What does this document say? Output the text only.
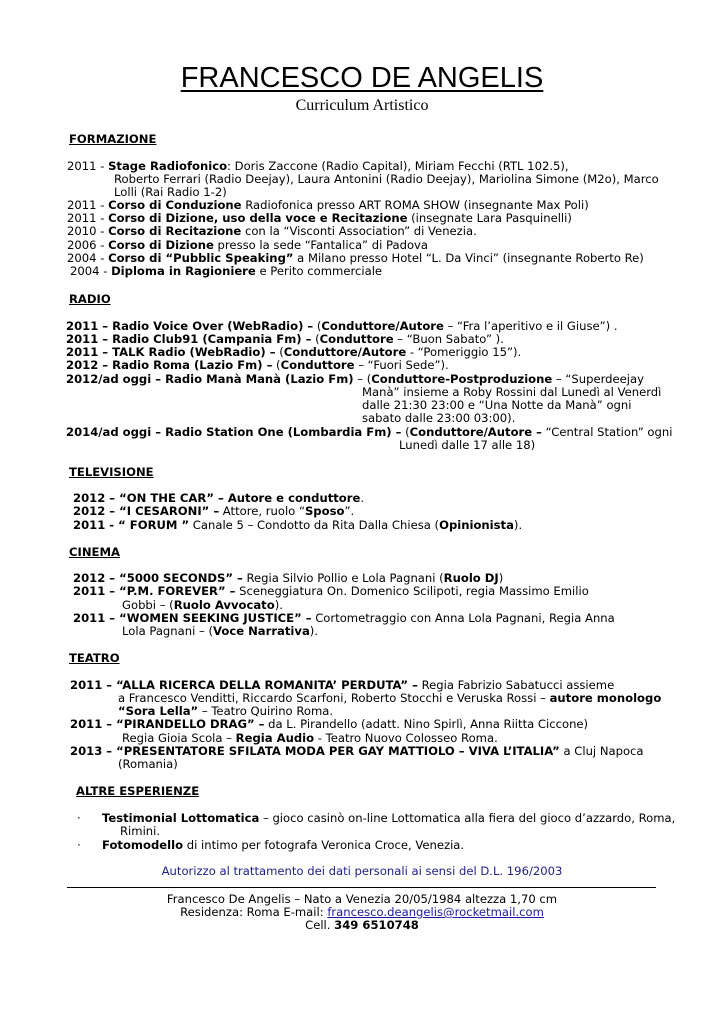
FRANCESCO DE ANGELIS
Curriculum Artistico
FORMAZIONE
2011 - Stage Radiofonico: Doris Zaccone (Radio Capital), Miriam Fecchi (RTL 102.5),
Roberto Ferrari (Radio Deejay), Laura Antonini (Radio Deejay), Mariolina Simone (M2o), Marco
Lolli (Rai Radio 1-2)
2011 - Corso di Conduzione Radiofonica presso ART ROMA SHOW (insegnante Max Poli)
2011 - Corso di Dizione, uso della voce e Recitazione (insegnate Lara Pasquinelli)
2010 - Corso di Recitazione con la “Visconti Association” di Venezia.
2006 - Corso di Dizione presso la sede “Fantalica” di Padova
2004 - Corso di “Pubblic Speaking” a Milano presso Hotel “L. Da Vinci” (insegnante Roberto Re)
2004 - Diploma in Ragioniere e Perito commerciale
RADIO
2011 – Radio Voice Over (WebRadio) – (Conduttore/Autore – “Fra l’aperitivo e il Giuse”) .
2011 – Radio Club91 (Campania Fm) – (Conduttore – “Buon Sabato” ).
2011 – TALK Radio (WebRadio) – (Conduttore/Autore - “Pomeriggio 15”).
2012 – Radio Roma (Lazio Fm) – (Conduttore – “Fuori Sede”).
2012/ad oggi – Radio Manà Manà (Lazio Fm) – (Conduttore-Postproduzione – “Superdeejay
Manà” insieme a Roby Rossini dal Lunedì al Venerdì
dalle 21:30 23:00 e “Una Notte da Manà” ogni
sabato dalle 23:00 03:00).
2014/ad oggi – Radio Station One (Lombardia Fm) – (Conduttore/Autore – “Central Station” ogni
Lunedì dalle 17 alle 18)
TELEVISIONE
2012 – “ON THE CAR” – Autore e conduttore.
2012 – “I CESARONI” – Attore, ruolo “Sposo”.
2011 - “ FORUM ” Canale 5 – Condotto da Rita Dalla Chiesa (Opinionista).
CINEMA
2012 – “5000 SECONDS” – Regia Silvio Pollio e Lola Pagnani (Ruolo DJ)
2011 – “P.M. FOREVER” – Sceneggiatura On. Domenico Scilipoti, regia Massimo Emilio
Gobbi – (Ruolo Avvocato).
2011 – “WOMEN SEEKING JUSTICE” – Cortometraggio con Anna Lola Pagnani, Regia Anna
Lola Pagnani – (Voce Narrativa).
TEATRO
2011 – “ALLA RICERCA DELLA ROMANITA’ PERDUTA” – Regia Fabrizio Sabatucci assieme
a Francesco Venditti, Riccardo Scarfoni, Roberto Stocchi e Veruska Rossi – autore monologo
“Sora Lella” – Teatro Quirino Roma.
2011 – “PIRANDELLO DRAG” – da L. Pirandello (adatt. Nino Spirlì, Anna Riitta Ciccone)
Regia Gioia Scola – Regia Audio - Teatro Nuovo Colosseo Roma.
2013 – “PRESENTATORE SFILATA MODA PER GAY MATTIOLO – VIVA L’ITALIA” a Cluj Napoca
(Romania)
ALTRE ESPERIENZE
· Testimonial Lottomatica – gioco casinò on-line Lottomatica alla fiera del gioco d’azzardo, Roma,
Rimini.
· Fotomodello di intimo per fotografa Veronica Croce, Venezia.
Autorizzo al trattamento dei dati personali ai sensi del D.L. 196/2003
Francesco De Angelis – Nato a Venezia 20/05/1984 altezza 1,70 cm
Residenza: Roma E-mail: francesco.deangelis@rocketmail.com
Cell. 349 6510748
